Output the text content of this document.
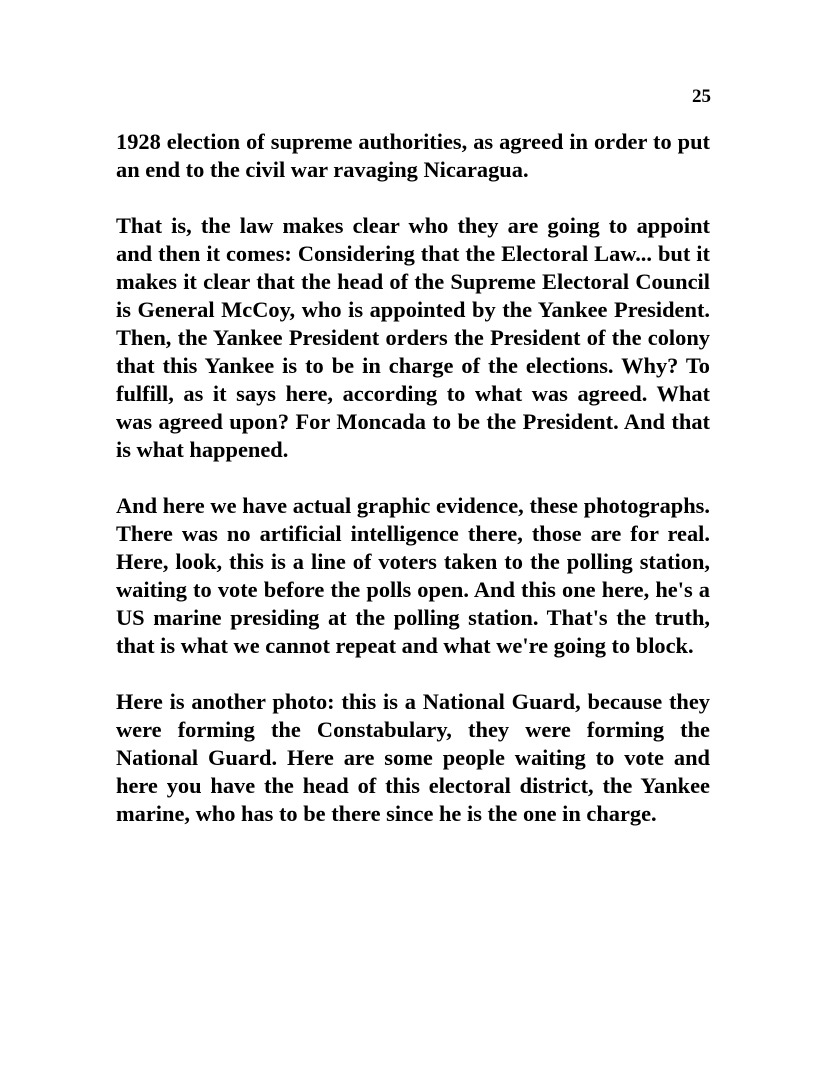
25

1928 election of supreme authorities, as agreed in order to put an end to the civil war ravaging Nicaragua.

That is, the law makes clear who they are going to appoint and then it comes: Considering that the Electoral Law... but it makes it clear that the head of the Supreme Electoral Council is General McCoy, who is appointed by the Yankee President. Then, the Yankee President orders the President of the colony that this Yankee is to be in charge of the elections. Why? To fulfill, as it says here, according to what was agreed. What was agreed upon? For Moncada to be the President. And that is what happened.

And here we have actual graphic evidence, these photographs. There was no artificial intelligence there, those are for real. Here, look, this is a line of voters taken to the polling station, waiting to vote before the polls open. And this one here, he's a US marine presiding at the polling station. That's the truth, that is what we cannot repeat and what we're going to block.

Here is another photo: this is a National Guard, because they were forming the Constabulary, they were forming the National Guard. Here are some people waiting to vote and here you have the head of this electoral district, the Yankee marine, who has to be there since he is the one in charge.
